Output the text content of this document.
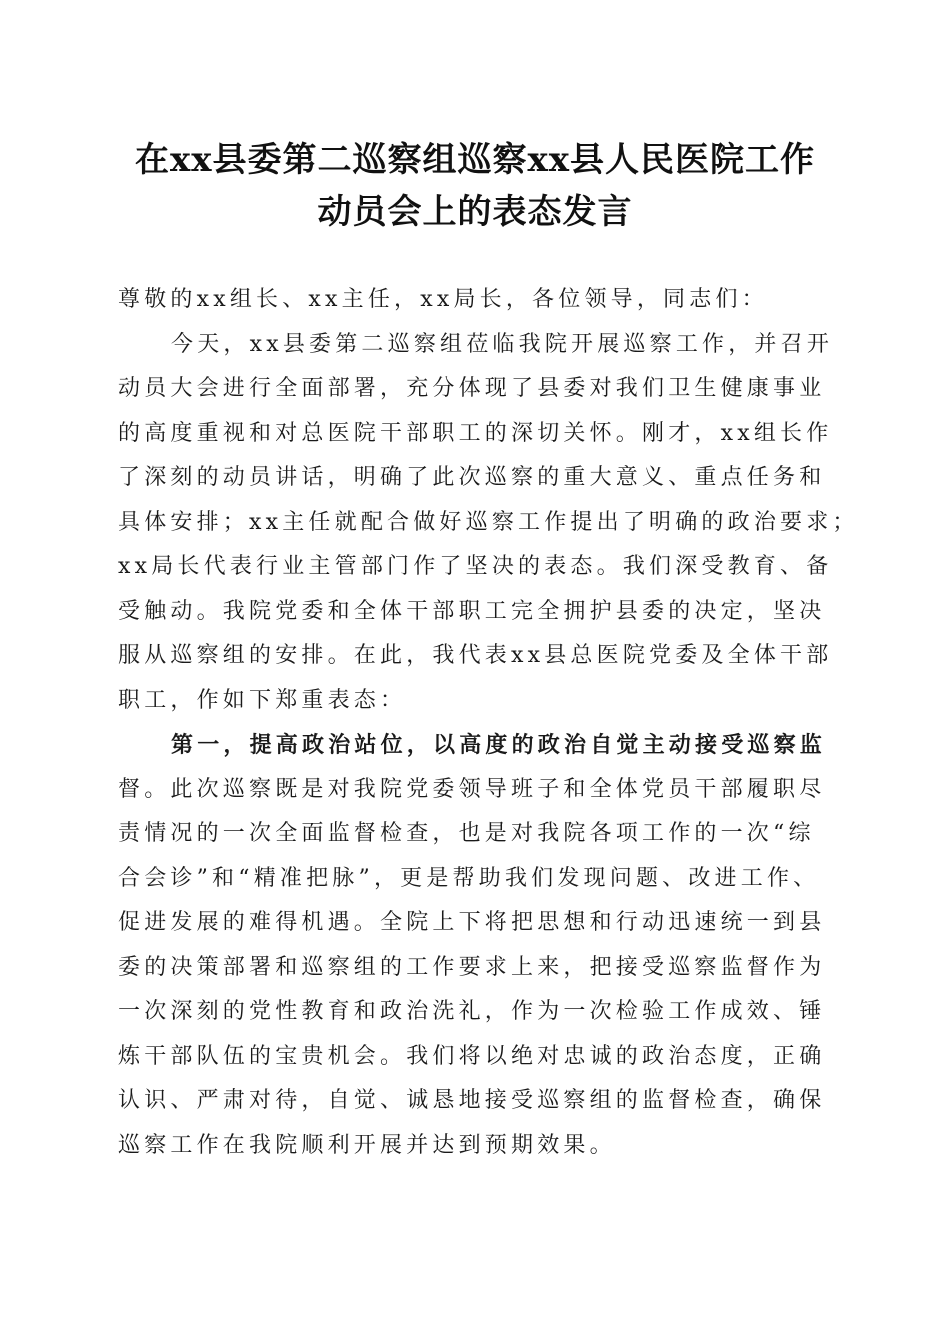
在xx县委第二巡察组巡察xx县人民医院工作
动员会上的表态发言
尊敬的xx组长、xx主任，xx局长，各位领导，同志们：
今天，xx县委第二巡察组莅临我院开展巡察工作，并召开
动员大会进行全面部署，充分体现了县委对我们卫生健康事业
的高度重视和对总医院干部职工的深切关怀。刚才，xx组长作
了深刻的动员讲话，明确了此次巡察的重大意义、重点任务和
具体安排；xx主任就配合做好巡察工作提出了明确的政治要求；
xx局长代表行业主管部门作了坚决的表态。我们深受教育、备
受触动。我院党委和全体干部职工完全拥护县委的决定，坚决
服从巡察组的安排。在此，我代表xx县总医院党委及全体干部
职工，作如下郑重表态：
第一，提高政治站位，以高度的政治自觉主动接受巡察监
督。此次巡察既是对我院党委领导班子和全体党员干部履职尽
责情况的一次全面监督检查，也是对我院各项工作的一次“综
合会诊”和“精准把脉”，更是帮助我们发现问题、改进工作、
促进发展的难得机遇。全院上下将把思想和行动迅速统一到县
委的决策部署和巡察组的工作要求上来，把接受巡察监督作为
一次深刻的党性教育和政治洗礼，作为一次检验工作成效、锤
炼干部队伍的宝贵机会。我们将以绝对忠诚的政治态度，正确
认识、严肃对待，自觉、诚恳地接受巡察组的监督检查，确保
巡察工作在我院顺利开展并达到预期效果。
